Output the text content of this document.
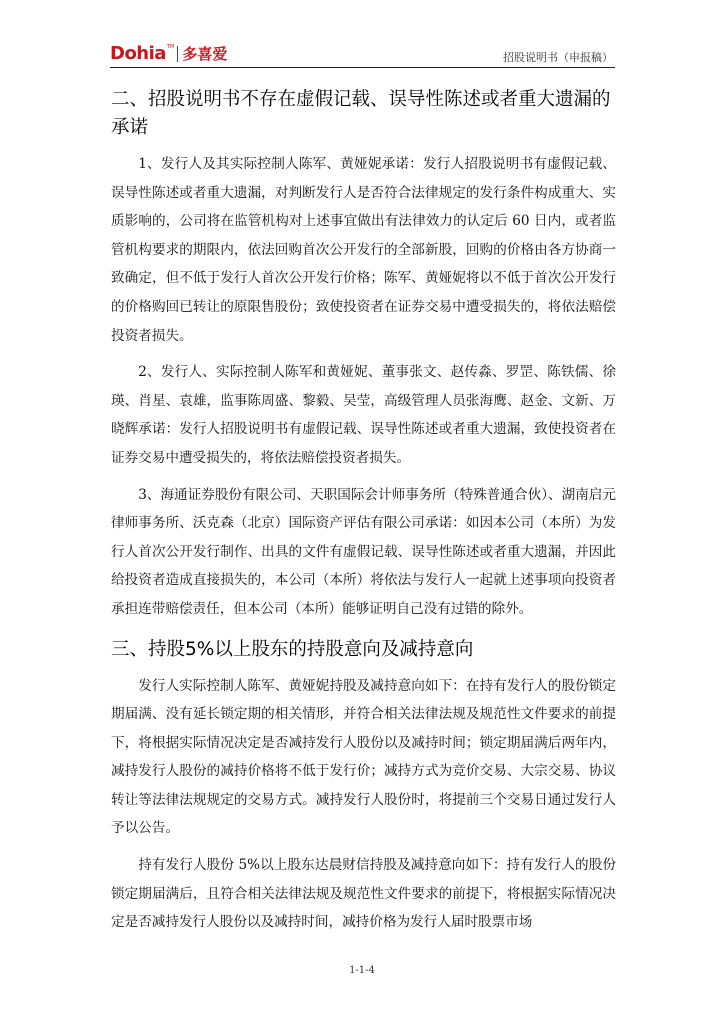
Dohia TM 多喜爱	招股说明书（申报稿）
二、招股说明书不存在虚假记载、误导性陈述或者重大遗漏的承诺

1、发行人及其实际控制人陈军、黄娅妮承诺：发行人招股说明书有虚假记载、误导性陈述或者重大遗漏，对判断发行人是否符合法律规定的发行条件构成重大、实质影响的，公司将在监管机构对上述事宜做出有法律效力的认定后 60 日内，或者监管机构要求的期限内，依法回购首次公开发行的全部新股，回购的价格由各方协商一致确定，但不低于发行人首次公开发行价格；陈军、黄娅妮将以不低于首次公开发行的价格购回已转让的原限售股份；致使投资者在证券交易中遭受损失的，将依法赔偿投资者损失。

2、发行人、实际控制人陈军和黄娅妮、董事张文、赵传淼、罗罡、陈铁儒、徐瑛、肖星、袁雄，监事陈周盛、黎毅、吴莹，高级管理人员张海鹰、赵金、文新、万晓辉承诺：发行人招股说明书有虚假记载、误导性陈述或者重大遗漏，致使投资者在证券交易中遭受损失的，将依法赔偿投资者损失。

3、海通证券股份有限公司、天职国际会计师事务所（特殊普通合伙）、湖南启元律师事务所、沃克森（北京）国际资产评估有限公司承诺：如因本公司（本所）为发行人首次公开发行制作、出具的文件有虚假记载、误导性陈述或者重大遗漏，并因此给投资者造成直接损失的，本公司（本所）将依法与发行人一起就上述事项向投资者承担连带赔偿责任，但本公司（本所）能够证明自己没有过错的除外。

三、持股5%以上股东的持股意向及减持意向

发行人实际控制人陈军、黄娅妮持股及减持意向如下：在持有发行人的股份锁定期届满、没有延长锁定期的相关情形，并符合相关法律法规及规范性文件要求的前提下，将根据实际情况决定是否减持发行人股份以及减持时间；锁定期届满后两年内，减持发行人股份的减持价格将不低于发行价；减持方式为竞价交易、大宗交易、协议转让等法律法规规定的交易方式。减持发行人股份时，将提前三个交易日通过发行人予以公告。

持有发行人股份 5%以上股东达晨财信持股及减持意向如下：持有发行人的股份锁定期届满后，且符合相关法律法规及规范性文件要求的前提下，将根据实际情况决定是否减持发行人股份以及减持时间，减持价格为发行人届时股票市场

1-1-4
